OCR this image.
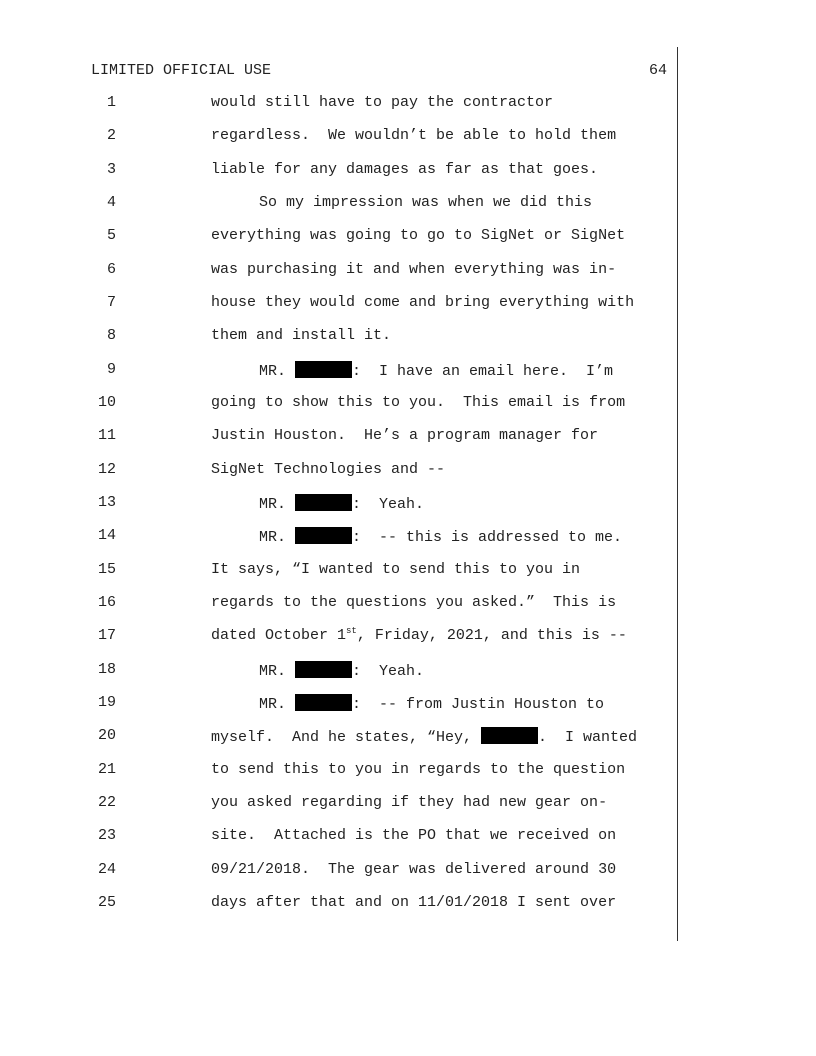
LIMITED OFFICIAL USE	64
1	would still have to pay the contractor
2	regardless.  We wouldn’t be able to hold them
3	liable for any damages as far as that goes.
4	So my impression was when we did this
5	everything was going to go to SigNet or SigNet
6	was purchasing it and when everything was in-
7	house they would come and bring everything with
8	them and install it.
9	MR.	:  I have an email here.  I’m
10	going to show this to you.  This email is from
11	Justin Houston.  He’s a program manager for
12	SigNet Technologies and --
13	MR.	:  Yeah.
14	MR.	:  -- this is addressed to me.
15	It says, “I wanted to send this to you in
16	regards to the questions you asked.”  This is
17	dated October 1st, Friday, 2021, and this is --
18	MR.	:  Yeah.
19	MR.	:  -- from Justin Houston to
20	myself.  And he states, “Hey,	.  I wanted
21	to send this to you in regards to the question
22	you asked regarding if they had new gear on-
23	site.  Attached is the PO that we received on
24	09/21/2018.  The gear was delivered around 30
25	days after that and on 11/01/2018 I sent over
